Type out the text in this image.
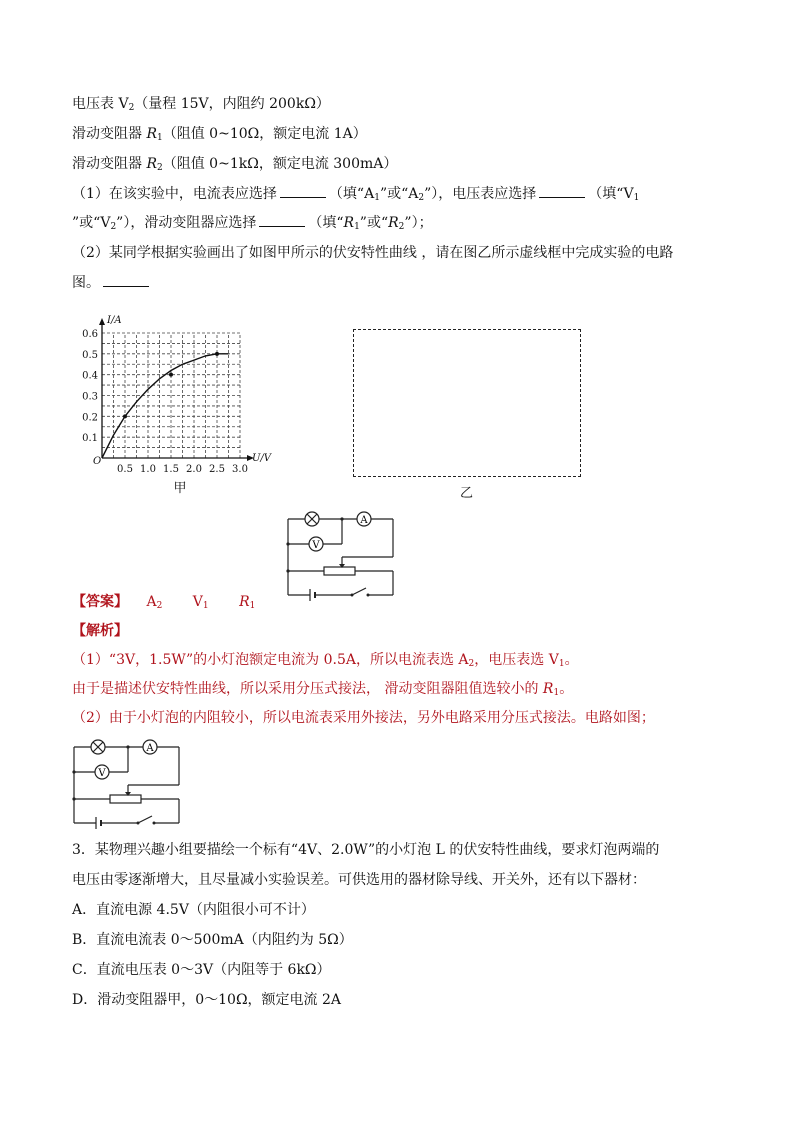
电压表 $V_2$（量程 15V，内阻约 200kΩ）
滑动变阻器 $R_1$（阻值 0~10Ω，额定电流 1A）
滑动变阻器 $R_2$（阻值 0~1kΩ，额定电流 300mA）
（1）在该实验中，电流表应选择	（填“$A_1$”或“$A_2$”），电压表应选择	（填“$V_1$
”或“$V_2$”），滑动变阻器应选择	（填“$R_1$”或“$R_2$”）；
（2）某同学根据实验画出了如图甲所示的伏安特性曲线 ，请在图乙所示虚线框中完成实验的电路
图。
0.5 1.0 1.5 2.0 2.5 3.0
0.1
0.2
0.3
0.4
0.5
0.6
O	U/V
I/A
甲	乙
A
V
【答案】 $A_2$ $V_1$ $R_1$
【解析】
（1）“3V，1.5W”的小灯泡额定电流为 0.5A，所以电流表选 $A_2$，电压表选 $V_1$。
由于是描述伏安特性曲线，所以采用分压式接法， 滑动变阻器阻值选较小的 $R_1$。
（2）由于小灯泡的内阻较小，所以电流表采用外接法，另外电路采用分压式接法。电路如图；
A
V
3．某物理兴趣小组要描绘一个标有“4V、2.0W”的小灯泡 L 的伏安特性曲线，要求灯泡两端的
电压由零逐渐增大，且尽量减小实验误差。可供选用的器材除导线、开关外，还有以下器材：
A．直流电源 4.5V（内阻很小可不计）
B．直流电流表 0～500mA（内阻约为 5Ω）
C．直流电压表 0～3V（内阻等于 6kΩ）
D．滑动变阻器甲，0～10Ω，额定电流 2A
